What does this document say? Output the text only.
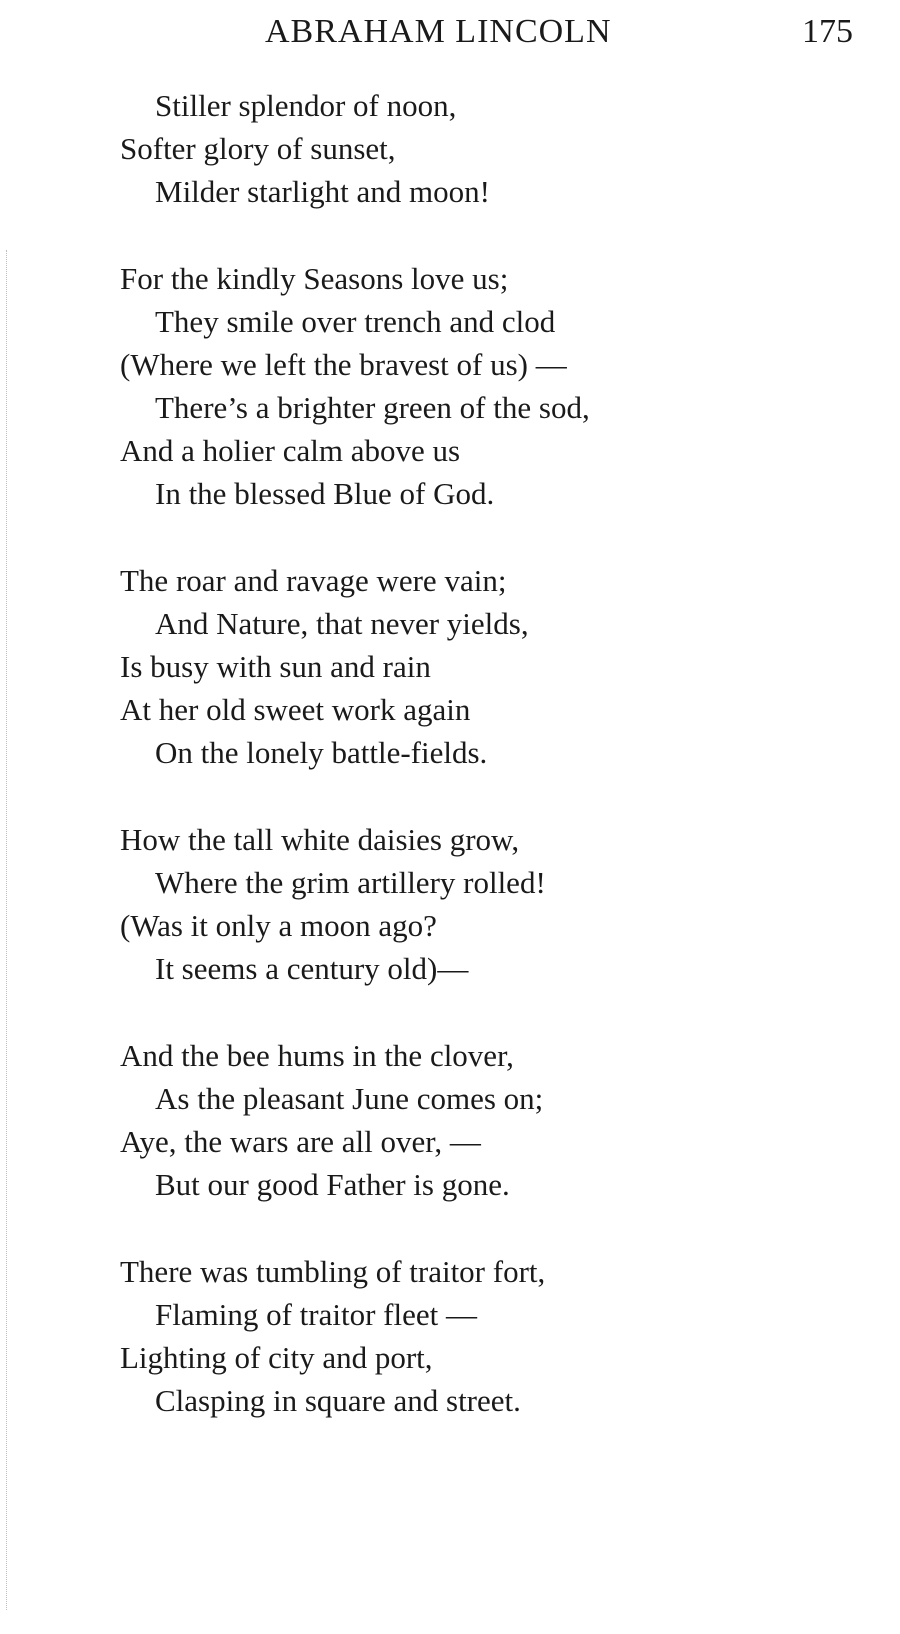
ABRAHAM LINCOLN	175
Stiller splendor of noon,
Softer glory of sunset,
Milder starlight and moon!
For the kindly Seasons love us;
They smile over trench and clod
(Where we left the bravest of us) —
There’s a brighter green of the sod,
And a holier calm above us
In the blessed Blue of God.
The roar and ravage were vain;
And Nature, that never yields,
Is busy with sun and rain
At her old sweet work again
On the lonely battle-fields.
How the tall white daisies grow,
Where the grim artillery rolled!
(Was it only a moon ago?
It seems a century old)—
And the bee hums in the clover,
As the pleasant June comes on;
Aye, the wars are all over, —
But our good Father is gone.
There was tumbling of traitor fort,
Flaming of traitor fleet —
Lighting of city and port,
Clasping in square and street.
